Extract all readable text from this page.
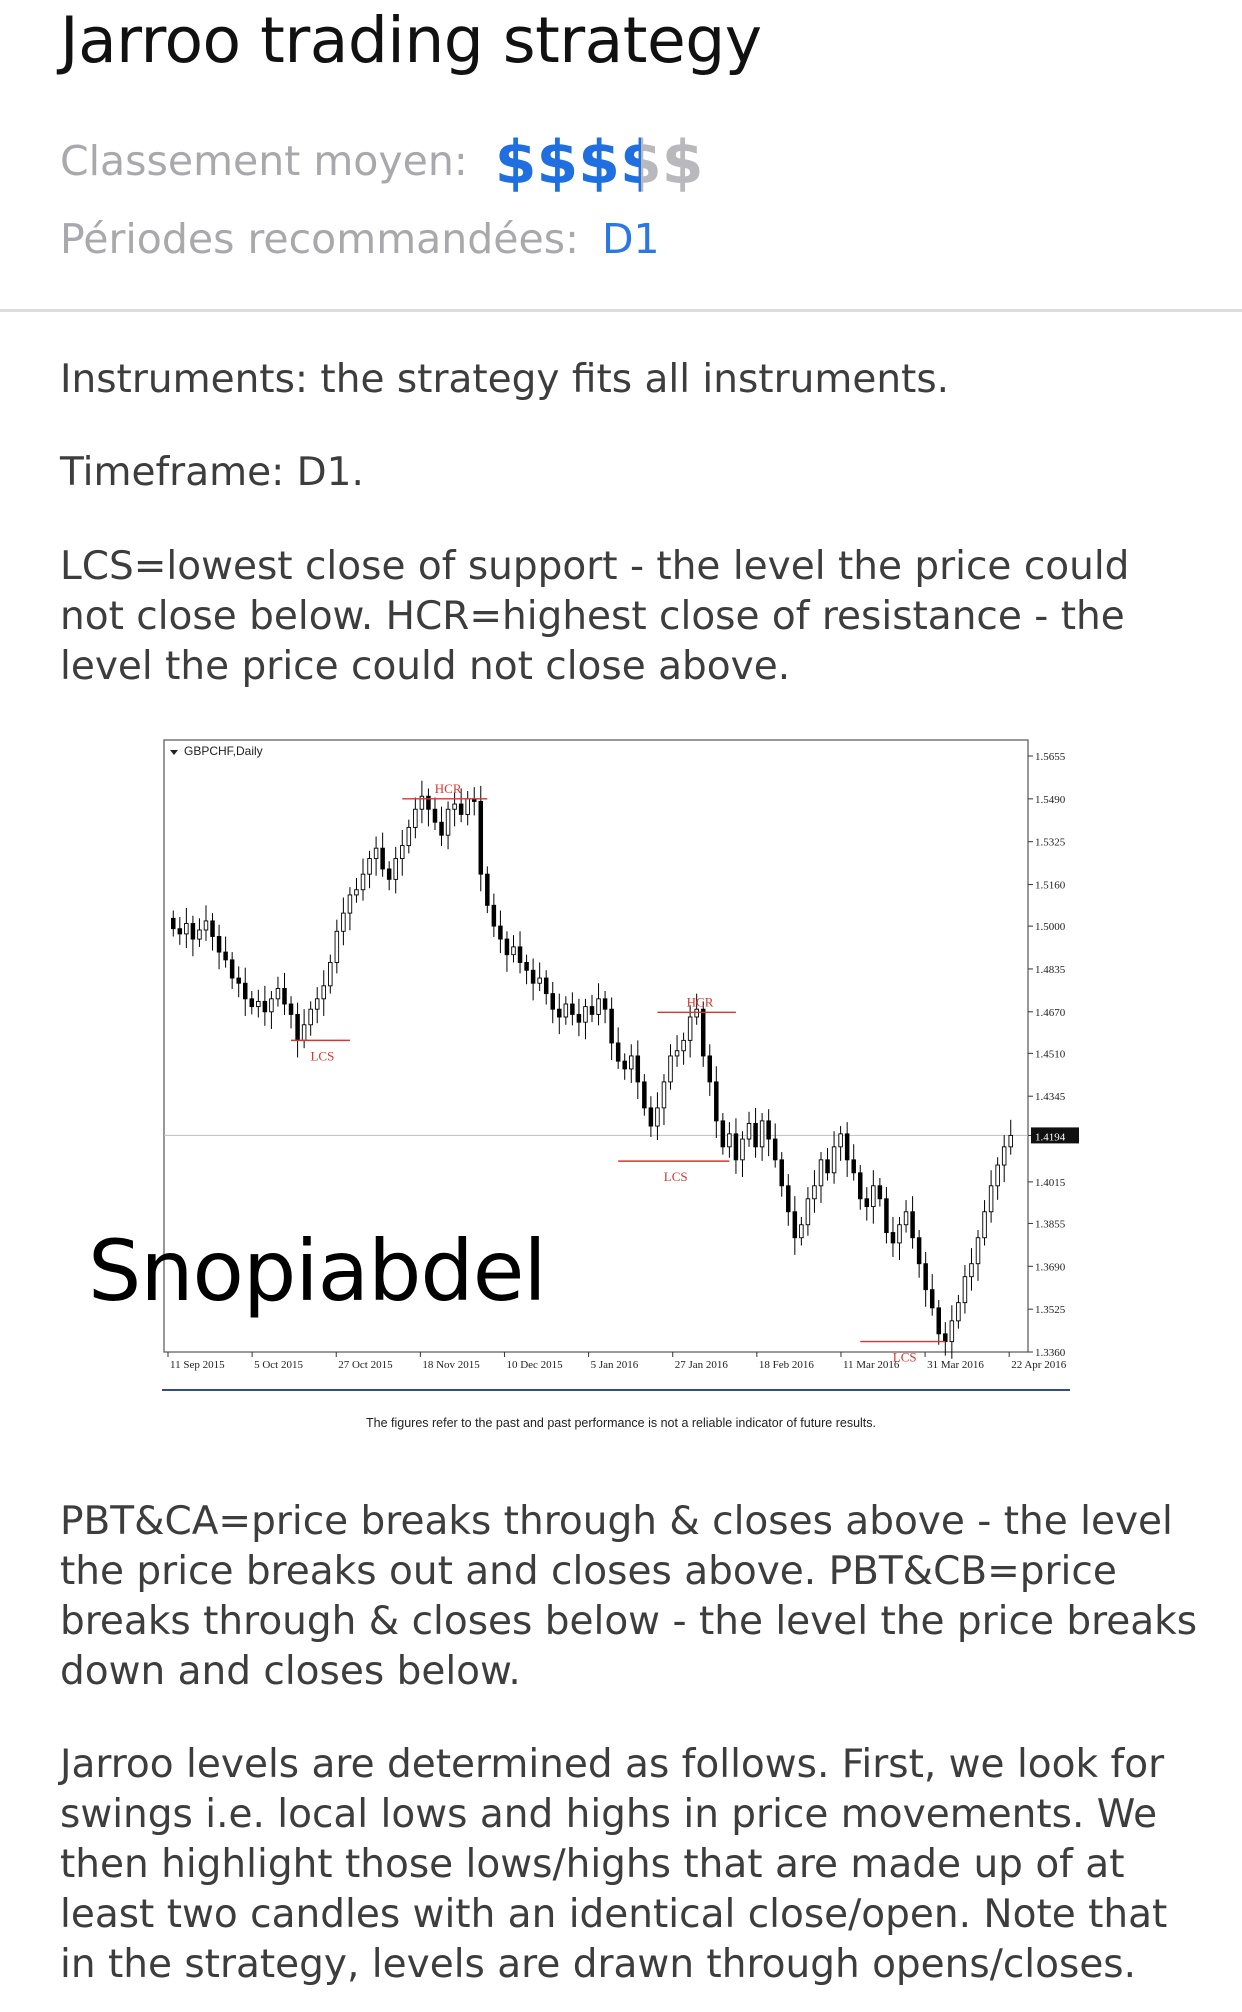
Jarroo trading strategy
Classement moyen: $$$$$
Périodes recommandées: D1

Instruments: the strategy fits all instruments.

Timeframe: D1.

LCS=lowest close of support - the level the price could not close below. HCR=highest close of resistance - the level the price could not close above.

GBPCHF,Daily	1.5655
1.5490
1.5325
1.5160
1.5000
1.4835
1.4670
1.4510
1.4345
1.4194
1.4015
1.3855
1.3690
1.3525
1.3360
HCR
LCS
HCR
LCS
LCS
11 Sep 2015	5 Oct 2015	27 Oct 2015	18 Nov 2015 10 Dec 2015	5 Jan 2016	27 Jan 2016	18 Feb 2016	11 Mar 2016	31 Mar 2016 22 Apr 2016
The figures refer to the past and past performance is not a reliable indicator of future results.

Snopiabdel

PBT&CA=price breaks through & closes above - the level the price breaks out and closes above. PBT&CB=price breaks through & closes below - the level the price breaks down and closes below.

Jarroo levels are determined as follows. First, we look for swings i.e. local lows and highs in price movements. We then highlight those lows/highs that are made up of at least two candles with an identical close/open. Note that in the strategy, levels are drawn through opens/closes.
